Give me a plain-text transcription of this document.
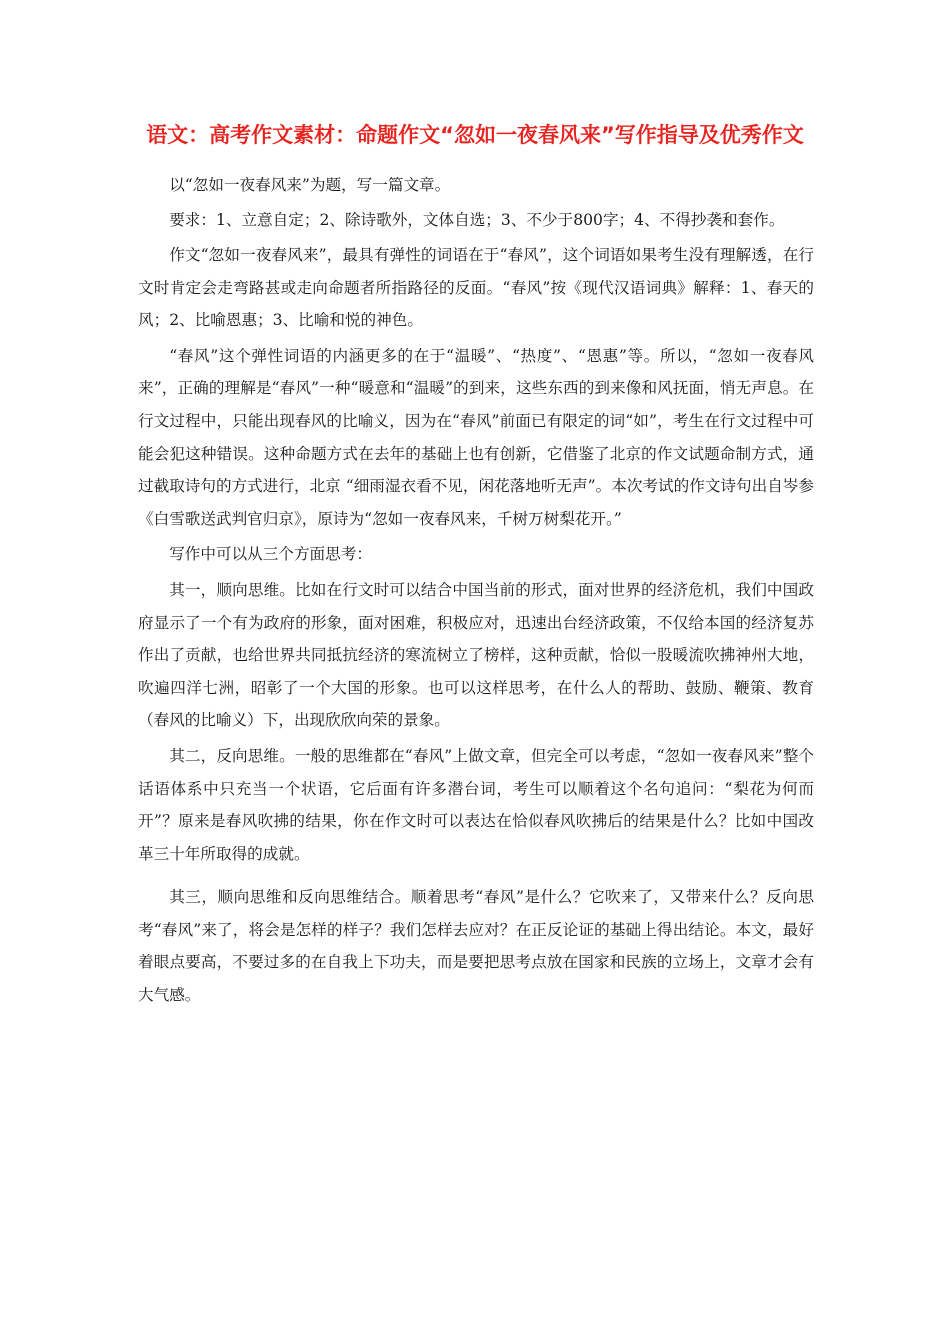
语文：高考作文素材：命题作文“忽如一夜春风来”写作指导及优秀作文

以“忽如一夜春风来”为题，写一篇文章。

要求：1、立意自定；2、除诗歌外，文体自选；3、不少于800字；4、不得抄袭和套作。

作文“忽如一夜春风来”，最具有弹性的词语在于“春风”，这个词语如果考生没有理解透，在行文时肯定会走弯路甚或走向命题者所指路径的反面。“春风”按《现代汉语词典》解释：1、春天的风；2、比喻恩惠；3、比喻和悦的神色。

“春风”这个弹性词语的内涵更多的在于“温暖”、“热度”、“恩惠”等。所以，“忽如一夜春风来”，正确的理解是“春风”一种“暖意和“温暖”的到来，这些东西的到来像和风抚面，悄无声息。在行文过程中，只能出现春风的比喻义，因为在“春风”前面已有限定的词“如”，考生在行文过程中可能会犯这种错误。这种命题方式在去年的基础上也有创新，它借鉴了北京的作文试题命制方式，通过截取诗句的方式进行，北京 “细雨湿衣看不见，闲花落地听无声”。本次考试的作文诗句出自岑参《白雪歌送武判官归京》，原诗为“忽如一夜春风来，千树万树梨花开。”

写作中可以从三个方面思考：

其一，顺向思维。比如在行文时可以结合中国当前的形式，面对世界的经济危机，我们中国政府显示了一个有为政府的形象，面对困难，积极应对，迅速出台经济政策，不仅给本国的经济复苏作出了贡献，也给世界共同抵抗经济的寒流树立了榜样，这种贡献，恰似一股暖流吹拂神州大地，吹遍四洋七洲，昭彰了一个大国的形象。也可以这样思考，在什么人的帮助、鼓励、鞭策、教育（春风的比喻义）下，出现欣欣向荣的景象。

其二，反向思维。一般的思维都在“春风”上做文章，但完全可以考虑，“忽如一夜春风来”整个话语体系中只充当一个状语，它后面有许多潜台词，考生可以顺着这个名句追问：“梨花为何而开”？原来是春风吹拂的结果，你在作文时可以表达在恰似春风吹拂后的结果是什么？比如中国改革三十年所取得的成就。

其三，顺向思维和反向思维结合。顺着思考“春风”是什么？它吹来了，又带来什么？反向思考“春风”来了，将会是怎样的样子？我们怎样去应对？在正反论证的基础上得出结论。本文，最好着眼点要高，不要过多的在自我上下功夫，而是要把思考点放在国家和民族的立场上，文章才会有大气感。
